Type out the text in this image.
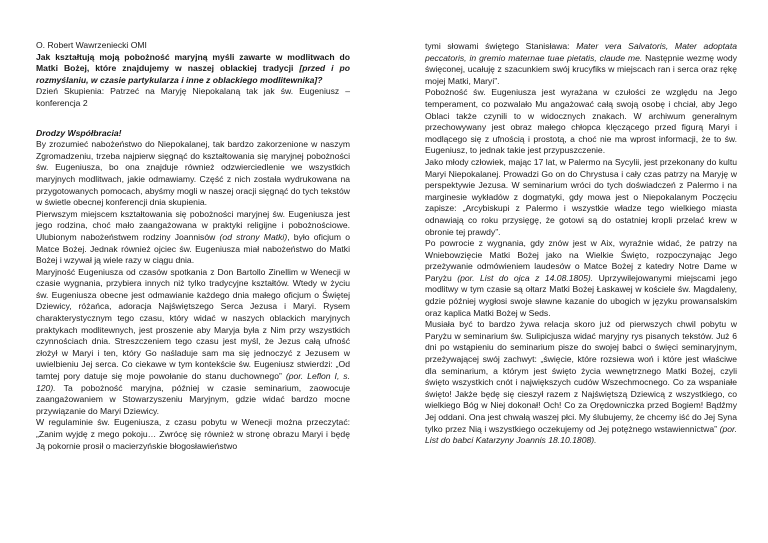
O. Robert Wawrzeniecki OMI

Jak kształtują moją pobożność maryjną myśli zawarte w modlitwach do Matki Bożej, które znajdujemy w naszej oblackiej tradycji [przed i po rozmyślaniu, w czasie partykularza i inne z oblackiego modlitewnika]?

Dzień Skupienia: Patrzeć na Maryję Niepokalaną tak jak św. Eugeniusz – konferencja 2

Drodzy Współbracia!

By zrozumieć nabożeństwo do Niepokalanej, tak bardzo zakorzenione w naszym Zgromadzeniu, trzeba najpierw sięgnąć do kształtowania się maryjnej pobożności św. Eugeniusza, bo ona znajduje również odzwierciedlenie we wszystkich maryjnych modlitwach, jakie odmawiamy. Część z nich została wydrukowana na przygotowanych pomocach, abyśmy mogli w naszej oracji sięgnąć do tych tekstów w świetle obecnej konferencji dnia skupienia.

Pierwszym miejscem kształtowania się pobożności maryjnej św. Eugeniusza jest jego rodzina, choć mało zaangażowana w praktyki religijne i pobożnościowe. Ulubionym nabożeństwem rodziny Joannisów (od strony Matki), było oficjum o Matce Bożej. Jednak również ojciec św. Eugeniusza miał nabożeństwo do Matki Bożej i wzywał ją wiele razy w ciągu dnia.

Maryjność Eugeniusza od czasów spotkania z Don Bartollo Zinellim w Wenecji w czasie wygnania, przybiera innych niż tylko tradycyjne kształtów. Wtedy w życiu św. Eugeniusza obecne jest odmawianie każdego dnia małego oficjum o Świętej Dziewicy, różańca, adoracja Najświętszego Serca Jezusa i Maryi. Rysem charakterystycznym tego czasu, który widać w naszych oblackich maryjnych praktykach modlitewnych, jest proszenie aby Maryja była z Nim przy wszystkich czynnościach dnia. Streszczeniem tego czasu jest myśl, że Jezus całą ufność złożył w Maryi i ten, który Go naśladuje sam ma się jednoczyć z Jezusem w uwielbieniu Jej serca. Co ciekawe w tym kontekście św. Eugeniusz stwierdzi: „Od tamtej pory datuje się moje powołanie do stanu duchownego” (por. Leflon I, s. 120). Ta pobożność maryjna, później w czasie seminarium, zaowocuje zaangażowaniem w Stowarzyszeniu Maryjnym, gdzie widać bardzo mocne przywiązanie do Maryi Dziewicy.

W regulaminie św. Eugeniusza, z czasu pobytu w Wenecji można przeczytać: „Zanim wyjdę z mego pokoju… Zwrócę się również w stronę obrazu Maryi i będę Ją pokornie prosił o macierzyńskie błogosławieństwo

tymi słowami świętego Stanisława: Mater vera Salvatoris, Mater adoptata peccatoris, in gremio maternae tuae pietatis, claude me. Następnie wezmę wody święconej, ucałuję z szacunkiem swój krucyfiks w miejscach ran i serca oraz rękę mojej Matki, Maryi”.

Pobożność św. Eugeniusza jest wyrażana w czułości ze względu na Jego temperament, co pozwalało Mu angażować całą swoją osobę i chciał, aby Jego Oblaci także czynili to w widocznych znakach. W archiwum generalnym przechowywany jest obraz małego chłopca klęczącego przed figurą Maryi i modlącego się z ufnością i prostotą, a choć nie ma wprost informacji, że to św. Eugeniusz, to jednak takie jest przypuszczenie.

Jako młody człowiek, mając 17 lat, w Palermo na Sycylii, jest przekonany do kultu Maryi Niepokalanej. Prowadzi Go on do Chrystusa i cały czas patrzy na Maryję w perspektywie Jezusa. W seminarium wróci do tych doświadczeń z Palermo i na marginesie wykładów z dogmatyki, gdy mowa jest o Niepokalanym Poczęciu zapisze: „Arcybiskupi z Palermo i wszystkie władze tego wielkiego miasta odnawiają co roku przysięgę, że gotowi są do ostatniej kropli przelać krew w obronie tej prawdy”.

Po powrocie z wygnania, gdy znów jest w Aix, wyraźnie widać, że patrzy na Wniebowzięcie Matki Bożej jako na Wielkie Święto, rozpoczynając Jego przeżywanie odmówieniem laudesów o Matce Bożej z katedry Notre Dame w Paryżu (por. List do ojca z 14.08.1805). Uprzywilejowanymi miejscami jego modlitwy w tym czasie są ołtarz Matki Bożej Łaskawej w kościele św. Magdaleny, gdzie później wygłosi swoje sławne kazanie do ubogich w języku prowansalskim oraz kaplica Matki Bożej w Seds.

Musiała być to bardzo żywa relacja skoro już od pierwszych chwil pobytu w Paryżu w seminarium św. Sulipicjusza widać maryjny rys pisanych tekstów. Już 6 dni po wstąpieniu do seminarium pisze do swojej babci o święci seminaryjnym, przeżywającej swój zachwyt: „święcie, które rozsiewa woń i które jest właściwe dla seminarium, a którym jest święto życia wewnętrznego Matki Bożej, czyli święto wszystkich cnót i największych cudów Wszechmocnego. Co za wspaniałe święto! Jakże będę się cieszył razem z Najświętszą Dziewicą z wszystkiego, co wielkiego Bóg w Niej dokonał! Och! Co za Orędowniczka przed Bogiem! Bądźmy Jej oddani. Ona jest chwałą waszej płci. My ślubujemy, że chcemy iść do Jej Syna tylko przez Nią i wszystkiego oczekujemy od Jej potężnego wstawiennictwa” (por. List do babci Katarzyny Joannis 18.10.1808).
